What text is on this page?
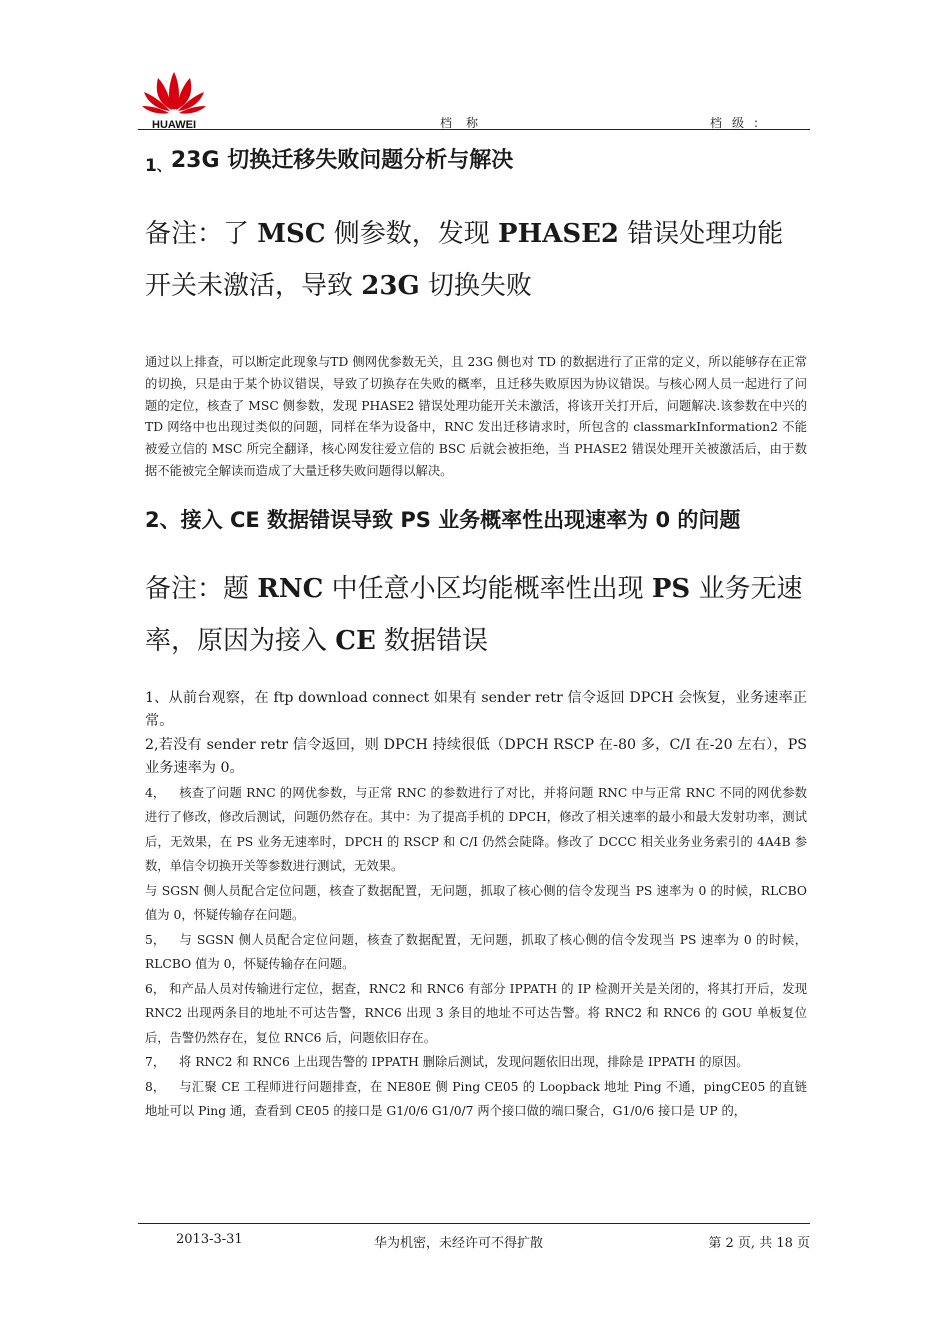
HUAWEI	档称	档级:
1、23G 切换迁移失败问题分析与解决

备注：了 MSC 侧参数，发现 PHASE2 错误处理功能开关未激活，导致 23G 切换失败

通过以上排查，可以断定此现象与TD 侧网优参数无关，且 23G 侧也对 TD 的数据进行了正常的定义，所以能够存在正常的切换，只是由于某个协议错误，导致了切换存在失败的概率，且迁移失败原因为协议错误。与核心网人员一起进行了问题的定位，核查了 MSC 侧参数，发现 PHASE2 错误处理功能开关未激活，将该开关打开后，问题解决.该参数在中兴的 TD 网络中也出现过类似的问题，同样在华为设备中，RNC 发出迁移请求时，所包含的 classmarkInformation2 不能被爱立信的 MSC 所完全翻译，核心网发往爱立信的 BSC 后就会被拒绝，当 PHASE2 错误处理开关被激活后，由于数据不能被完全解读而造成了大量迁移失败问题得以解决。

2、接入 CE 数据错误导致 PS 业务概率性出现速率为 0 的问题

备注：题 RNC 中任意小区均能概率性出现 PS 业务无速率，原因为接入 CE 数据错误

1、从前台观察，在 ftp download connect 如果有 sender retr 信令返回 DPCH 会恢复，业务速率正常。

2,若没有 sender retr 信令返回，则 DPCH 持续很低（DPCH RSCP 在-80 多，C/I 在-20 左右），PS 业务速率为 0。

4， 核查了问题 RNC 的网优参数，与正常 RNC 的参数进行了对比，并将问题 RNC 中与正常 RNC 不同的网优参数进行了修改，修改后测试，问题仍然存在。其中：为了提高手机的 DPCH，修改了相关速率的最小和最大发射功率，测试后，无效果，在 PS 业务无速率时，DPCH 的 RSCP 和 C/I 仍然会陡降。修改了 DCCC 相关业务业务索引的 4A4B 参数，单信令切换开关等参数进行测试，无效果。

与 SGSN 侧人员配合定位问题，核查了数据配置，无问题，抓取了核心侧的信令发现当 PS 速率为 0 的时候，RLCBO 值为 0，怀疑传输存在问题。

5， 与 SGSN 侧人员配合定位问题，核查了数据配置，无问题，抓取了核心侧的信令发现当 PS 速率为 0 的时候，RLCBO 值为 0，怀疑传输存在问题。

6， 和产品人员对传输进行定位，据查，RNC2 和 RNC6 有部分 IPPATH 的 IP 检测开关是关闭的，将其打开后，发现 RNC2 出现两条目的地址不可达告警，RNC6 出现 3 条目的地址不可达告警。将 RNC2 和 RNC6 的 GOU 单板复位后，告警仍然存在，复位 RNC6 后，问题依旧存在。

7， 将 RNC2 和 RNC6 上出现告警的 IPPATH 删除后测试，发现问题依旧出现，排除是 IPPATH 的原因。

8， 与汇聚 CE 工程师进行问题排查，在 NE80E 侧 Ping CE05 的 Loopback 地址 Ping 不通，pingCE05 的直链地址可以 Ping 通，查看到 CE05 的接口是 G1/0/6 G1/0/7 两个接口做的端口聚合，G1/0/6 接口是 UP 的，

2013-3-31	华为机密，未经许可不得扩散	第 2 页, 共 18 页
